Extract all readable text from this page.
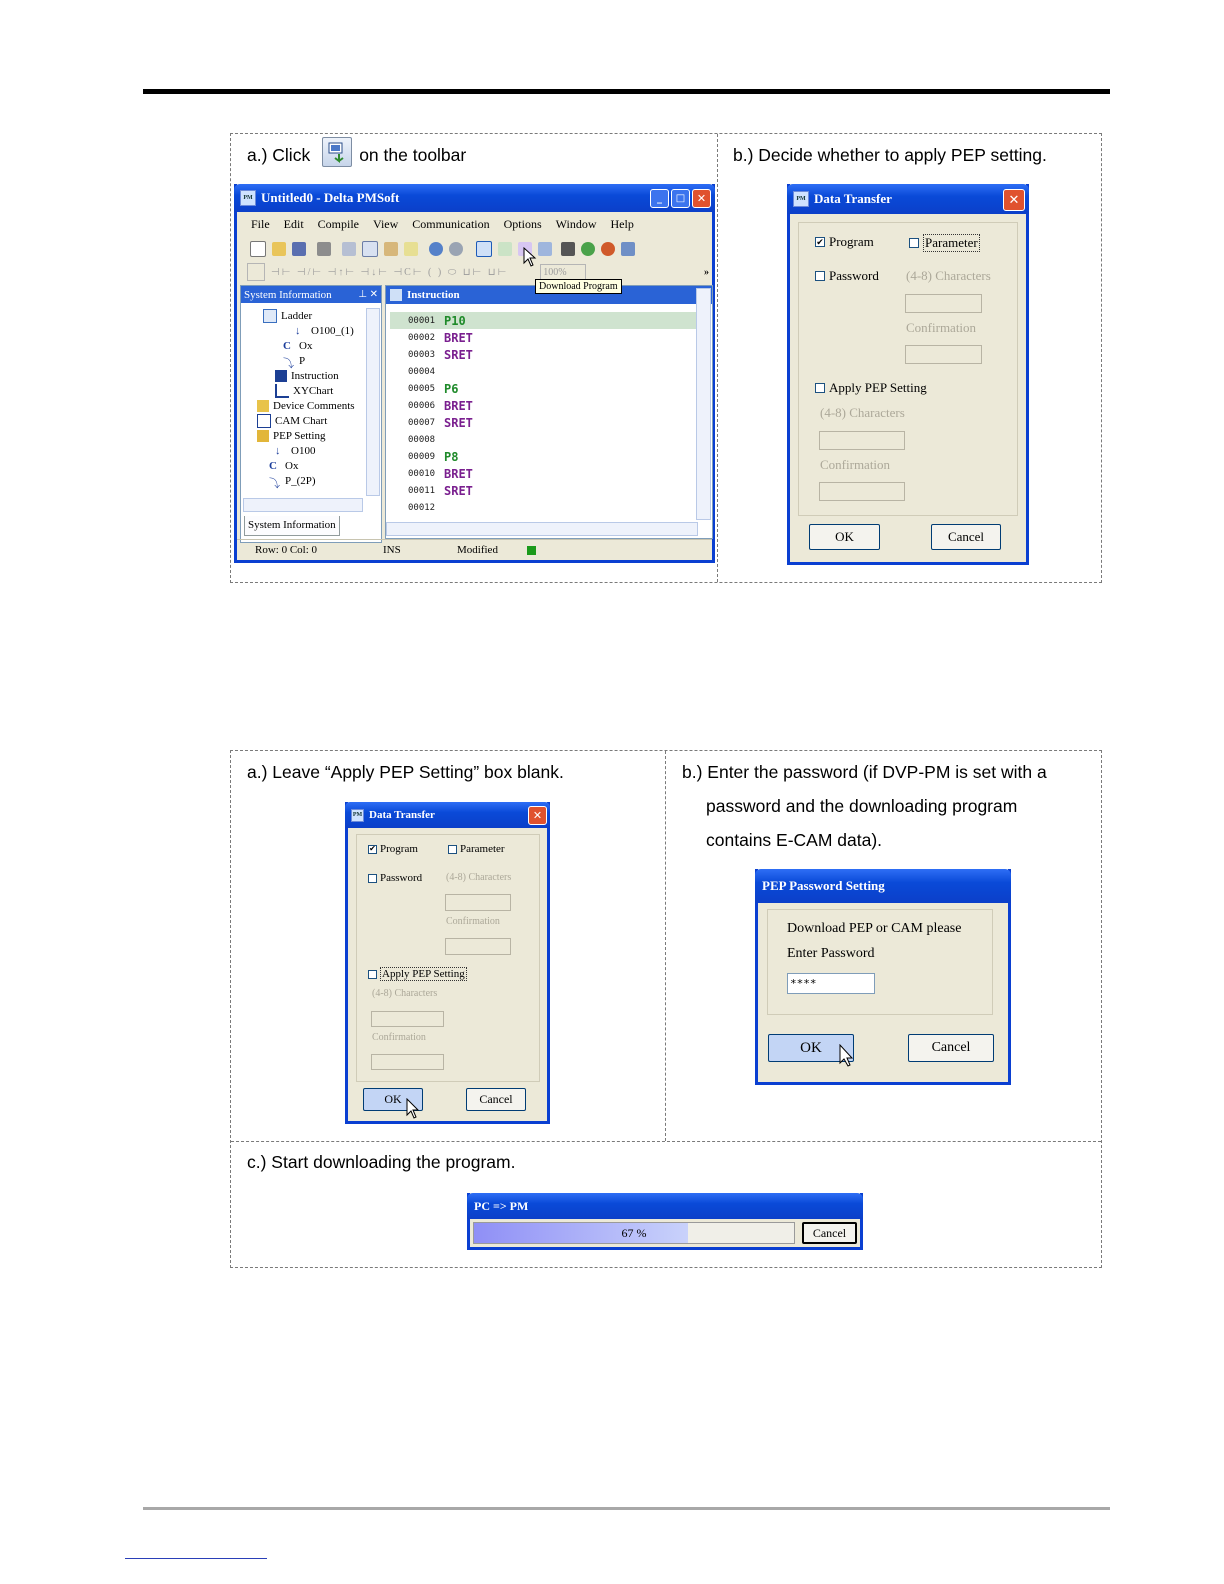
a.) Click	on the toolbar	b.) Decide whether to apply PEP setting.
PM Untitled0 - Delta PMSoft	_	□	✕
File Edit Compile View Communication Options Window Help
⊣⊢ ⊣/⊢ ⊣↑⊢ ⊣↓⊢ ⊣C⊢ ( ) ⬭ ⊔⊢ ⊔⊢	100%	»
Download Program
System Information	⊥ ✕
Ladder
↓ O100_(1)
C Ox
⤵ P
Instruction
XYChart
Device Comments
CAM Chart
PEP Setting
↓ O100
C Ox
⤵ P_(2P)
System Information
Instruction
00001 P10
00002 BRET
00003 SRET
00004
00005 P6
00006 BRET
00007 SRET
00008
00009 P8
00010 BRET
00011 SRET
00012
Row: 0 Col: 0	INS	Modified
PM Data Transfer	✕
✔ Program	Parameter
Password (4-8) Characters
Confirmation
Apply PEP Setting
(4-8) Characters
Confirmation
OK	Cancel
a.) Leave “Apply PEP Setting” box blank.	b.) Enter the password (if DVP-PM is set with a
password and the downloading program
contains E-CAM data).
c.) Start downloading the program.
PM Data Transfer	✕
✔ Program	Parameter
Password (4-8) Characters
Confirmation
Apply PEP Setting
(4-8) Characters
Confirmation
OK	Cancel
PEP Password Setting
Download PEP or CAM please
Enter Password
****
OK	Cancel
PC => PM
67 %	Cancel
